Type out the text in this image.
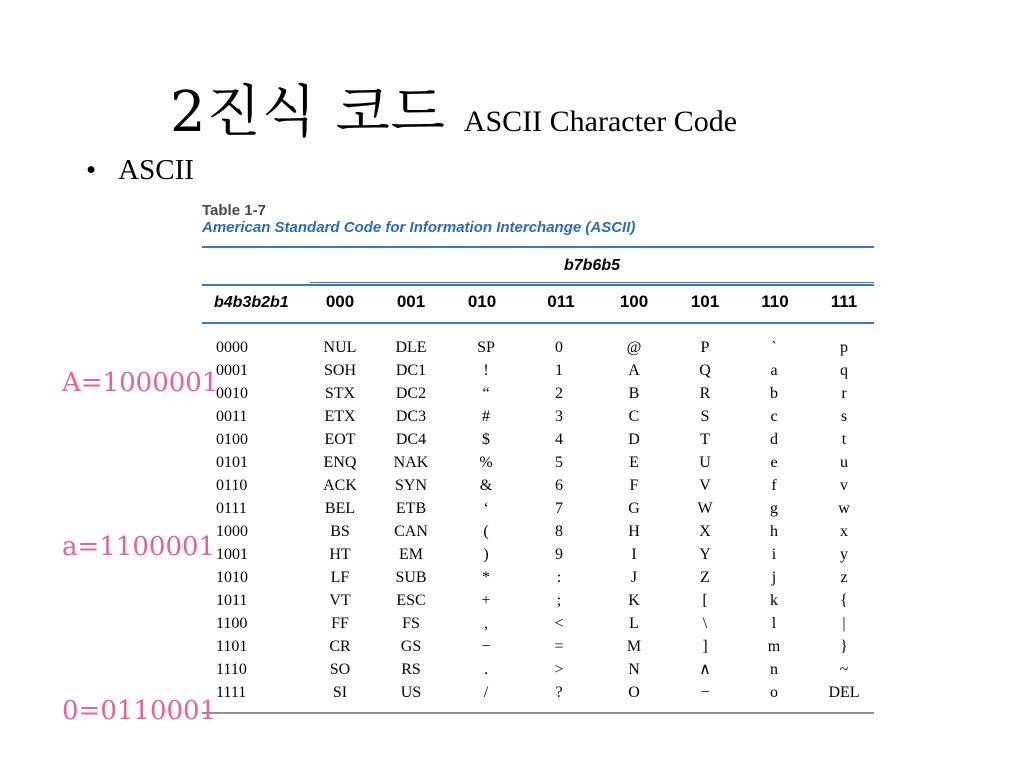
2진식 코드 ASCII Character Code
• ASCII
Table 1-7
American Standard Code for Information Interchange (ASCII)
b7b6b5
b4b3b2b1	000	001	010	011	100	101	110	111
0000	NUL	DLE	SP	0	@	P	`	p
0001	SOH	DC1	!	1	A	Q	a	q
0010	STX	DC2	“	2	B	R	b	r
0011	ETX	DC3	#	3	C	S	c	s
0100	EOT	DC4	$	4	D	T	d	t
0101	ENQ	NAK	%	5	E	U	e	u
0110	ACK	SYN	&	6	F	V	f	v
0111	BEL	ETB	‘	7	G	W	g	w
1000	BS	CAN	(	8	H	X	h	x
1001	HT	EM	)	9	I	Y	i	y
1010	LF	SUB	*	:	J	Z	j	z
1011	VT	ESC	+	;	K	[	k	{
1100	FF	FS	,	<	L	\	l	|
1101	CR	GS	−	=	M	]	m	}
1110	SO	RS	.	>	N	∧	n	~
1111	SI	US	/	?	O	−	o	DEL
A=1000001
a=1100001
0=0110001
